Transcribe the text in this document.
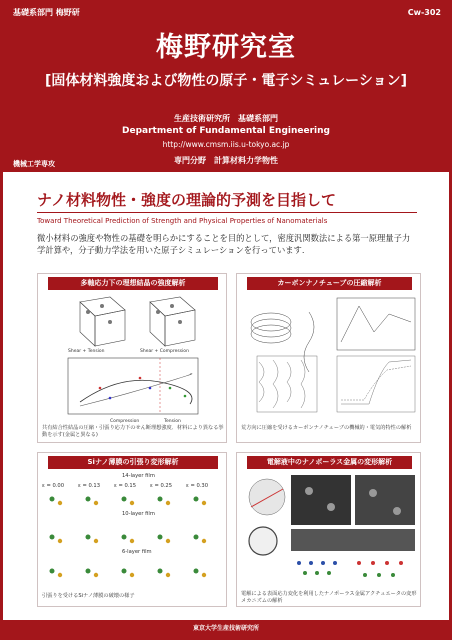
基礎系部門 梅野研	Cw-302
梅野研究室
[固体材料強度および物性の原子・電子シミュレーション]
生産技術研究所　基礎系部門
Department of Fundamental Engineering
http://www.cmsm.iis.u-tokyo.ac.jp
専門分野　計算材料力学物性
機械工学専攻
ナノ材料物性・強度の理論的予測を目指して
Toward Theoretical Prediction of Strength and Physical Properties of Nanomaterials
微小材料の強度や物性の基礎を明らかにすることを目的として，密度汎関数法による第一原理量子力学計算や，分子動力学法を用いた原子シミュレーションを行っています.
多軸応力下の理想結晶の強度解析
Shear + Tension	Shear + Compression
Compression	Tension
共有結合性結晶の圧縮・引張り応力下のせん断理想強度．材料により異なる挙動を示す(金属と異なる)
カーボンナノチューブの圧縮解析
荒方向に圧縮を受けるカーボンナノチューブの機械的・電気的特性の解析
Siナノ薄膜の引張り変形解析
14-layer film
ε = 0.00	ε = 0.13	ε = 0.15	ε = 0.25	ε = 0.30
10-layer film
6-layer film
引張りを受けるSiナノ薄膜の破壊の様子
電解液中のナノポーラス金属の変形解析
電解による表面応力変化を利用したナノポーラス金属アクチュエータの変形メカニズムの解析
東京大学生産技術研究所
